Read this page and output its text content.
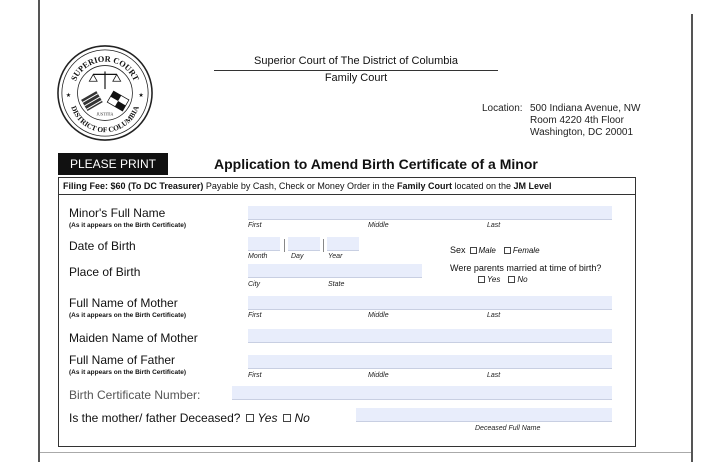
SUPERIOR COURT
DISTRICT OF COLUMBIA
JUSTITIA
★	★
Superior Court of The District of Columbia
Family Court
Location: 500 Indiana Avenue, NW
Room 4220 4th Floor
Washington, DC 20001
PLEASE PRINT	Application to Amend Birth Certificate of a Minor
Filing Fee: $60 (To DC Treasurer) Payable by Cash, Check or Money Order in the Family Court located on the JM Level
Minor's Full Name
(As it appears on the Birth Certificate)	First	Middle	Last
Date of Birth
Month	Day	Year
Sex Male Female
Place of Birth
City	State
Were parents married at time of birth?
Yes No
Full Name of Mother
(As it appears on the Birth Certificate)	First	Middle	Last
Maiden Name of Mother
Full Name of Father
(As it appears on the Birth Certificate)	First	Middle	Last
Birth Certificate Number:
Is the mother/ father Deceased? Yes No
Deceased Full Name
